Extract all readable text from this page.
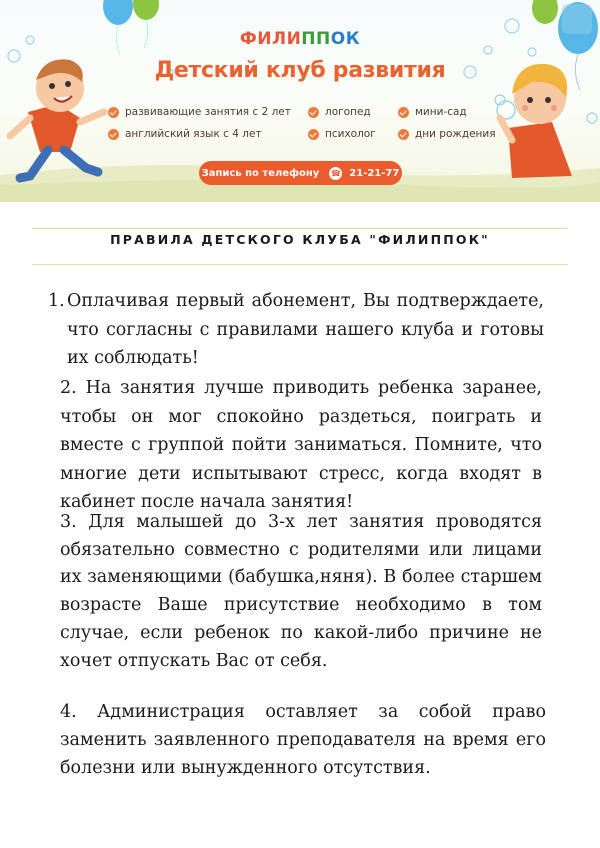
ФИЛИППОК
Детский клуб развития
развивающие занятия с 2 лет
английский язык с 4 лет
логопед
психолог
мини-сад
дни рождения
Запись по телефону ☎ 21-21-77
ПРАВИЛА ДЕТСКОГО КЛУБА "ФИЛИППОК"
1. Оплачивая первый абонемент, Вы подтверждаете, что согласны с правилами нашего клуба и готовы их соблюдать!
2. На занятия лучше приводить ребенка заранее, чтобы он мог спокойно раздеться, поиграть и вместе с группой пойти заниматься. Помните, что многие дети испытывают стресс, когда входят в кабинет после начала занятия!
3. Для малышей до 3-х лет занятия проводятся обязательно совместно с родителями или лицами их заменяющими (бабушка,няня). В более старшем возрасте Ваше присутствие необходимо в том случае, если ребенок по какой-либо причине не хочет отпускать Вас от себя.
4. Администрация оставляет за собой право заменить заявленного преподавателя на время его болезни или вынужденного отсутствия.
